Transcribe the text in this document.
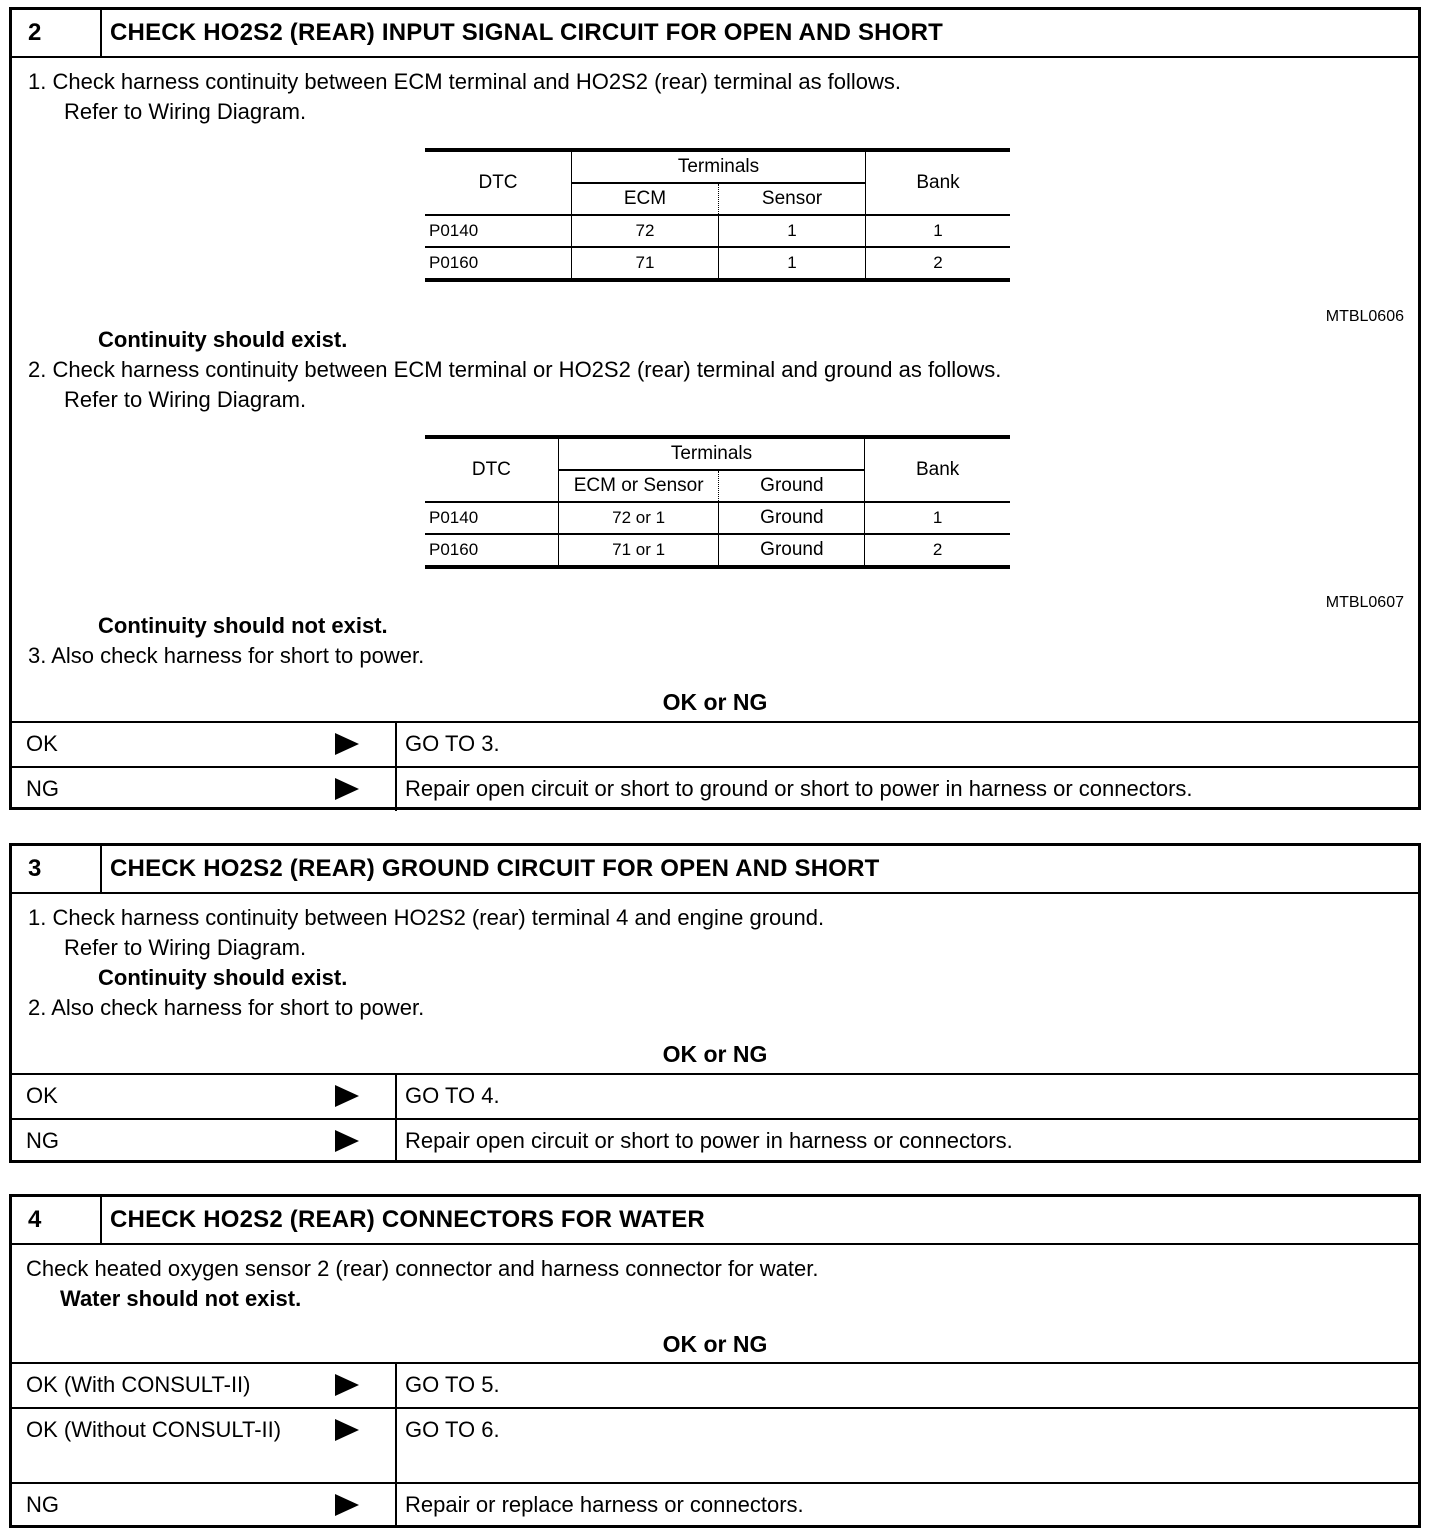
2	CHECK HO2S2 (REAR) INPUT SIGNAL CIRCUIT FOR OPEN AND SHORT
1. Check harness continuity between ECM terminal and HO2S2 (rear) terminal as follows.
Refer to Wiring Diagram.
DTC	Terminals		Bank
	ECM	Sensor	
P0140	72	1	1
P0160	71	1	2
MTBL0606
Continuity should exist.
2. Check harness continuity between ECM terminal or HO2S2 (rear) terminal and ground as follows.
Refer to Wiring Diagram.
DTC	Terminals		Bank
	ECM or Sensor	Ground	
P0140	72 or 1	Ground	1
P0160	71 or 1	Ground	2
MTBL0607
Continuity should not exist.
3. Also check harness for short to power.
OK or NG
OK	GO TO 3.
NG	Repair open circuit or short to ground or short to power in harness or connectors.
3	CHECK HO2S2 (REAR) GROUND CIRCUIT FOR OPEN AND SHORT
1. Check harness continuity between HO2S2 (rear) terminal 4 and engine ground.
Refer to Wiring Diagram.
Continuity should exist.
2. Also check harness for short to power.
OK or NG
OK	GO TO 4.
NG	Repair open circuit or short to power in harness or connectors.
4	CHECK HO2S2 (REAR) CONNECTORS FOR WATER
Check heated oxygen sensor 2 (rear) connector and harness connector for water.
Water should not exist.
OK or NG
OK (With CONSULT-II)	GO TO 5.
OK (Without CONSULT-II)	GO TO 6.
NG	Repair or replace harness or connectors.
